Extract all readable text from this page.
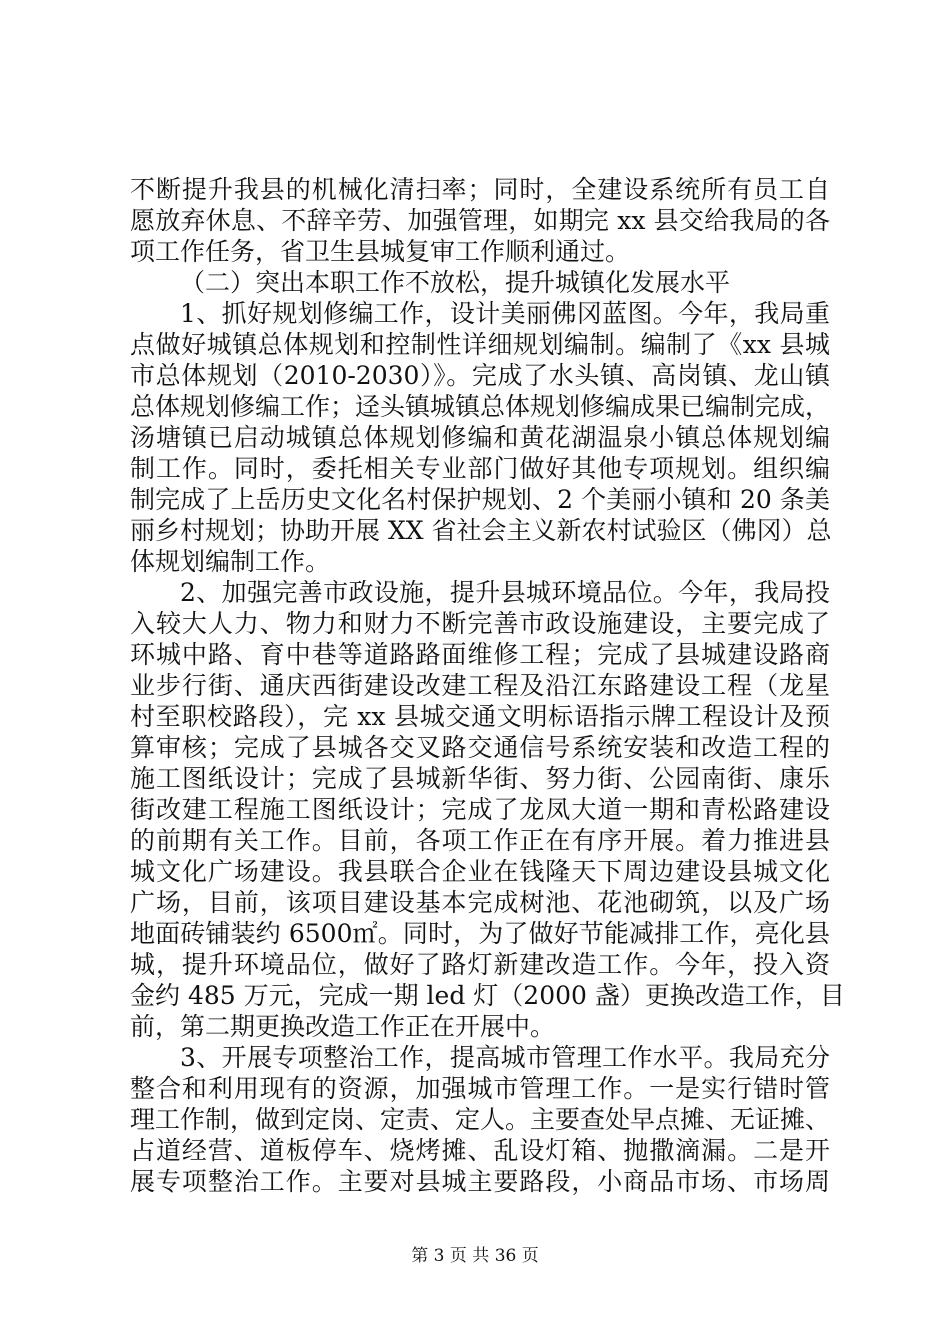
不断提升我县的机械化清扫率；同时，全建设系统所有员工自
愿放弃休息、不辞辛劳、加强管理，如期完 xx 县交给我局的各
项工作任务，省卫生县城复审工作顺利通过。
（二）突出本职工作不放松，提升城镇化发展水平
1、抓好规划修编工作，设计美丽佛冈蓝图。今年，我局重
点做好城镇总体规划和控制性详细规划编制。编制了《xx 县城
市总体规划（2010-2030）》。完成了水头镇、高岗镇、龙山镇
总体规划修编工作；迳头镇城镇总体规划修编成果已编制完成，
汤塘镇已启动城镇总体规划修编和黄花湖温泉小镇总体规划编
制工作。同时，委托相关专业部门做好其他专项规划。组织编
制完成了上岳历史文化名村保护规划、2 个美丽小镇和 20 条美
丽乡村规划；协助开展 XX 省社会主义新农村试验区（佛冈）总
体规划编制工作。
2、加强完善市政设施，提升县城环境品位。今年，我局投
入较大人力、物力和财力不断完善市政设施建设，主要完成了
环城中路、育中巷等道路路面维修工程；完成了县城建设路商
业步行街、通庆西街建设改建工程及沿江东路建设工程（龙星
村至职校路段），完 xx 县城交通文明标语指示牌工程设计及预
算审核；完成了县城各交叉路交通信号系统安装和改造工程的
施工图纸设计；完成了县城新华街、努力街、公园南街、康乐
街改建工程施工图纸设计；完成了龙凤大道一期和青松路建设
的前期有关工作。目前，各项工作正在有序开展。着力推进县
城文化广场建设。我县联合企业在钱隆天下周边建设县城文化
广场，目前，该项目建设基本完成树池、花池砌筑，以及广场
地面砖铺装约 6500㎡。同时，为了做好节能减排工作，亮化县
城，提升环境品位，做好了路灯新建改造工作。今年，投入资
金约 485 万元，完成一期 led 灯（2000 盏）更换改造工作，目
前，第二期更换改造工作正在开展中。
3、开展专项整治工作，提高城市管理工作水平。我局充分
整合和利用现有的资源，加强城市管理工作。一是实行错时管
理工作制，做到定岗、定责、定人。主要查处早点摊、无证摊、
占道经营、道板停车、烧烤摊、乱设灯箱、抛撒滴漏。二是开
展专项整治工作。主要对县城主要路段，小商品市场、市场周
第 3 页 共 36 页
